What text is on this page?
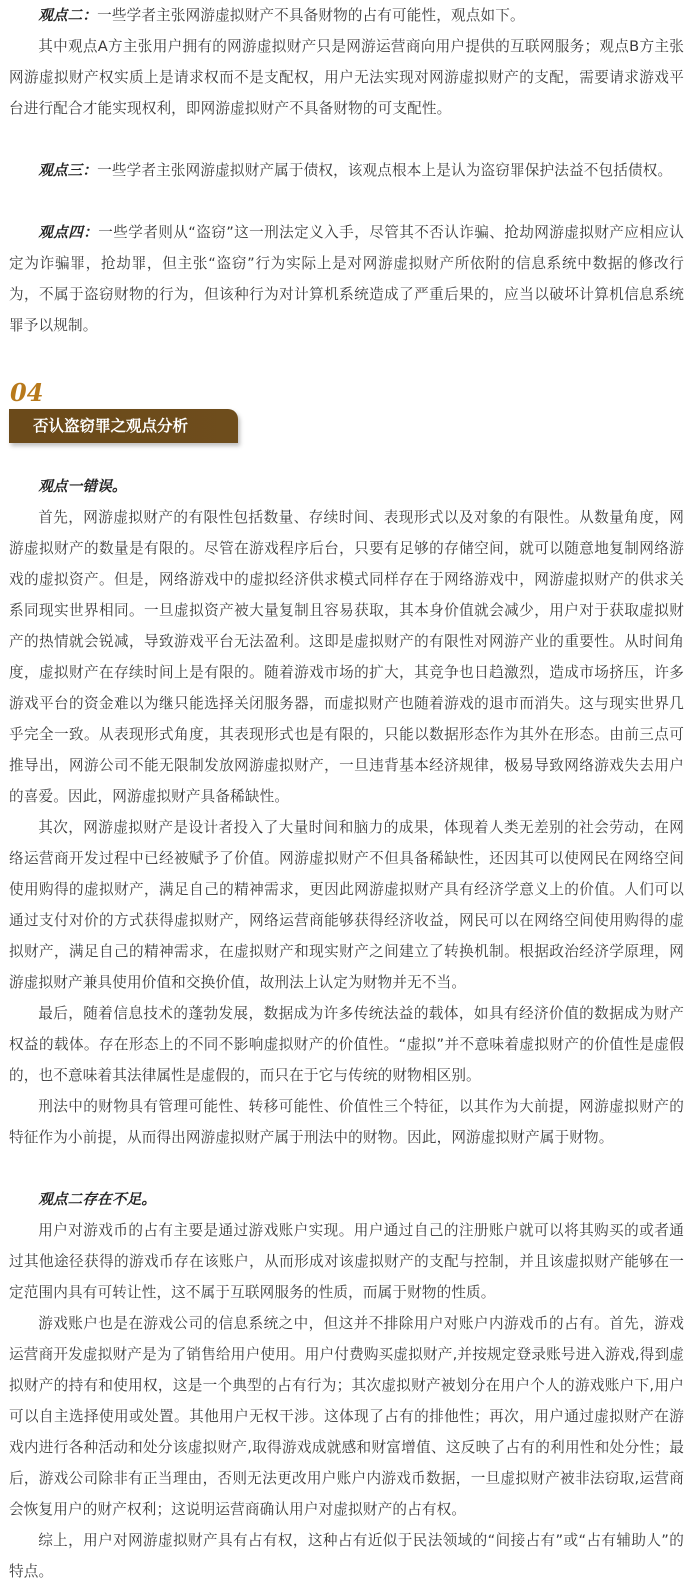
观点二：一些学者主张网游虚拟财产不具备财物的占有可能性，观点如下。

其中观点A方主张用户拥有的网游虚拟财产只是网游运营商向用户提供的互联网服务；观点B方主张网游虚拟财产权实质上是请求权而不是支配权，用户无法实现对网游虚拟财产的支配，需要请求游戏平台进行配合才能实现权利，即网游虚拟财产不具备财物的可支配性。

观点三：一些学者主张网游虚拟财产属于债权，该观点根本上是认为盗窃罪保护法益不包括债权。

观点四：一些学者则从“盗窃”这一刑法定义入手，尽管其不否认诈骗、抢劫网游虚拟财产应相应认定为诈骗罪，抢劫罪，但主张“盗窃”行为实际上是对网游虚拟财产所依附的信息系统中数据的修改行为，不属于盗窃财物的行为，但该种行为对计算机系统造成了严重后果的，应当以破坏计算机信息系统罪予以规制。

04
否认盗窃罪之观点分析

观点一错误。

首先，网游虚拟财产的有限性包括数量、存续时间、表现形式以及对象的有限性。从数量角度，网游虚拟财产的数量是有限的。尽管在游戏程序后台，只要有足够的存储空间，就可以随意地复制网络游戏的虚拟资产。但是，网络游戏中的虚拟经济供求模式同样存在于网络游戏中，网游虚拟财产的供求关系同现实世界相同。一旦虚拟资产被大量复制且容易获取，其本身价值就会减少，用户对于获取虚拟财产的热情就会锐减，导致游戏平台无法盈利。这即是虚拟财产的有限性对网游产业的重要性。从时间角度，虚拟财产在存续时间上是有限的。随着游戏市场的扩大，其竞争也日趋激烈，造成市场挤压，许多游戏平台的资金难以为继只能选择关闭服务器，而虚拟财产也随着游戏的退市而消失。这与现实世界几乎完全一致。从表现形式角度，其表现形式也是有限的，只能以数据形态作为其外在形态。由前三点可推导出，网游公司不能无限制发放网游虚拟财产，一旦违背基本经济规律，极易导致网络游戏失去用户的喜爱。因此，网游虚拟财产具备稀缺性。

其次，网游虚拟财产是设计者投入了大量时间和脑力的成果，体现着人类无差别的社会劳动，在网络运营商开发过程中已经被赋予了价值。网游虚拟财产不但具备稀缺性，还因其可以使网民在网络空间使用购得的虚拟财产，满足自己的精神需求，更因此网游虚拟财产具有经济学意义上的价值。人们可以通过支付对价的方式获得虚拟财产，网络运营商能够获得经济收益，网民可以在网络空间使用购得的虚拟财产，满足自己的精神需求，在虚拟财产和现实财产之间建立了转换机制。根据政治经济学原理，网游虚拟财产兼具使用价值和交换价值，故刑法上认定为财物并无不当。

最后，随着信息技术的蓬勃发展，数据成为许多传统法益的载体，如具有经济价值的数据成为财产权益的载体。存在形态上的不同不影响虚拟财产的价值性。“虚拟”并不意味着虚拟财产的价值性是虚假的，也不意味着其法律属性是虚假的，而只在于它与传统的财物相区别。

刑法中的财物具有管理可能性、转移可能性、价值性三个特征，以其作为大前提，网游虚拟财产的特征作为小前提，从而得出网游虚拟财产属于刑法中的财物。因此，网游虚拟财产属于财物。

观点二存在不足。

用户对游戏币的占有主要是通过游戏账户实现。用户通过自己的注册账户就可以将其购买的或者通过其他途径获得的游戏币存在该账户，从而形成对该虚拟财产的支配与控制，并且该虚拟财产能够在一定范围内具有可转让性，这不属于互联网服务的性质，而属于财物的性质。

游戏账户也是在游戏公司的信息系统之中，但这并不排除用户对账户内游戏币的占有。首先，游戏运营商开发虚拟财产是为了销售给用户使用。用户付费购买虚拟财产,并按规定登录账号进入游戏,得到虚拟财产的持有和使用权，这是一个典型的占有行为；其次虚拟财产被划分在用户个人的游戏账户下,用户可以自主选择使用或处置。其他用户无权干涉。这体现了占有的排他性；再次，用户通过虚拟财产在游戏内进行各种活动和处分该虚拟财产,取得游戏成就感和财富增值、这反映了占有的利用性和处分性；最后，游戏公司除非有正当理由，否则无法更改用户账户内游戏币数据，一旦虚拟财产被非法窃取,运营商会恢复用户的财产权利；这说明运营商确认用户对虚拟财产的占有权。

综上，用户对网游虚拟财产具有占有权，这种占有近似于民法领域的“间接占有”或“占有辅助人”的特点。
